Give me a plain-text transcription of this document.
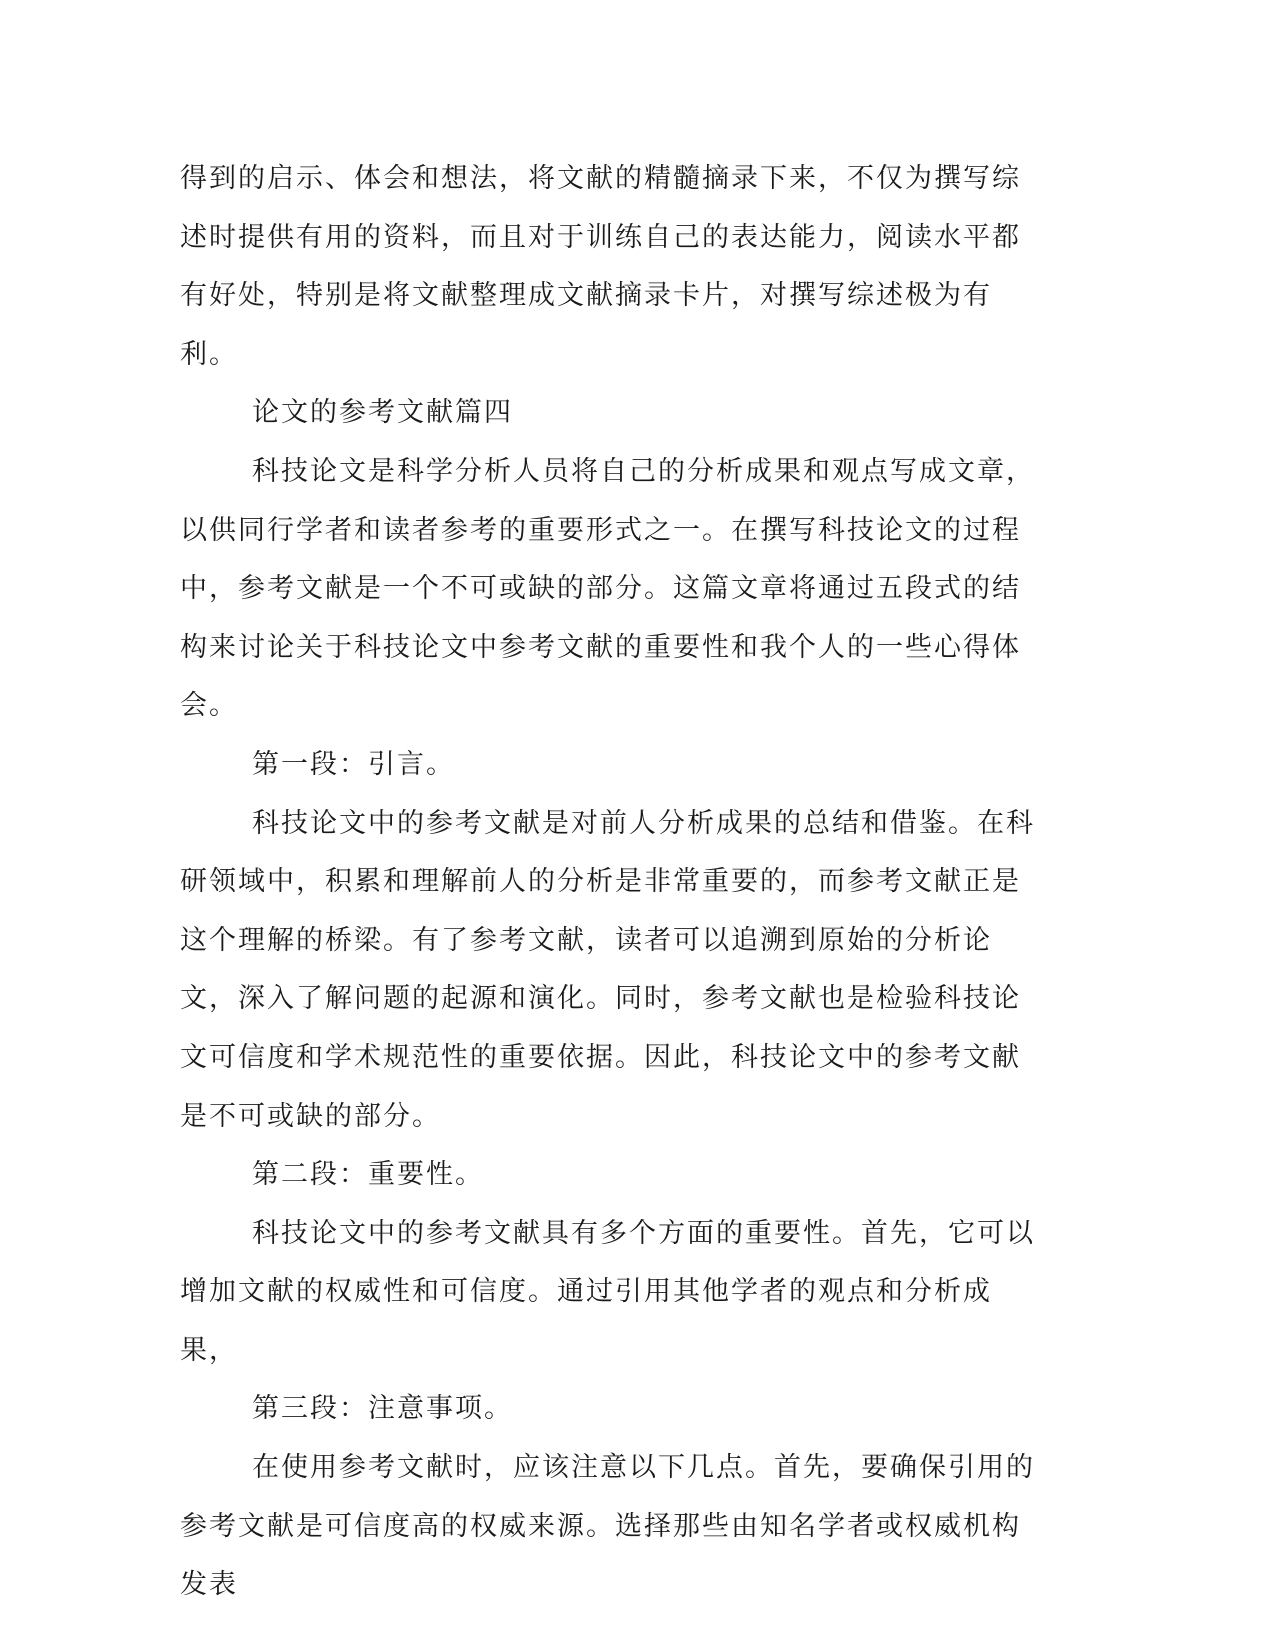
得到的启示、体会和想法，将文献的精髓摘录下来，不仅为撰写综述时提供有用的资料，而且对于训练自己的表达能力，阅读水平都有好处，特别是将文献整理成文献摘录卡片，对撰写综述极为有利。

论文的参考文献篇四

科技论文是科学分析人员将自己的分析成果和观点写成文章，以供同行学者和读者参考的重要形式之一。在撰写科技论文的过程中，参考文献是一个不可或缺的部分。这篇文章将通过五段式的结构来讨论关于科技论文中参考文献的重要性和我个人的一些心得体会。

第一段：引言。

科技论文中的参考文献是对前人分析成果的总结和借鉴。在科研领域中，积累和理解前人的分析是非常重要的，而参考文献正是这个理解的桥梁。有了参考文献，读者可以追溯到原始的分析论文，深入了解问题的起源和演化。同时，参考文献也是检验科技论文可信度和学术规范性的重要依据。因此，科技论文中的参考文献是不可或缺的部分。

第二段：重要性。

科技论文中的参考文献具有多个方面的重要性。首先，它可以增加文献的权威性和可信度。通过引用其他学者的观点和分析成果，

第三段：注意事项。

在使用参考文献时，应该注意以下几点。首先，要确保引用的参考文献是可信度高的权威来源。选择那些由知名学者或权威机构发表
